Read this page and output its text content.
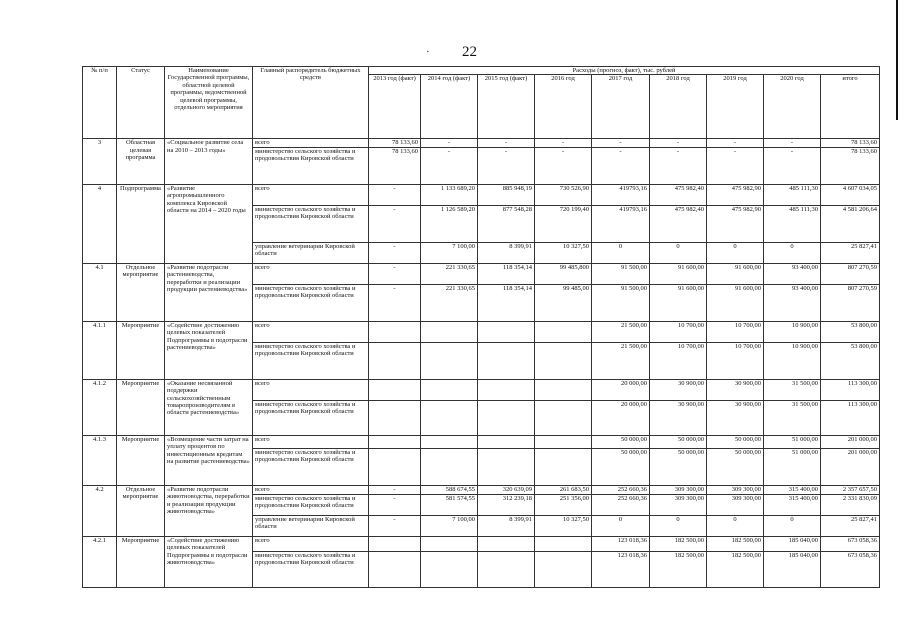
· 22
№ п/п	Статус	Наименование Государственной программы, областной целевой программы, ведомственной целевой программы, отдельного мероприятия	Главный распорядитель бюджетных средств	Расходы (прогноз, факт), тыс. рублей								
				2013 год (факт)	2014 год (факт)	2015 год (факт)	2016 год	2017 год	2018 год	2019 год	2020 год	итого
3	Областная целевая программа	«Социальное развитие села на 2010 – 2013 годы»	всего	78 133,60	-	-	-	-	-	-	-	78 133,60
			министерство сельского хозяйства и продовольствия Кировской области	78 133,60	-	-	-	-	-	-	-	78 133,60
4	Подпрограмма	«Развитие агропромышленного комплекса Кировской области на 2014 – 2020 годы	всего	-	1 133 689,20	885 948,19	730 526,90	419793,16	475 982,40	475 982,90	485 111,30	4 607 034,05
			министерство сельского хозяйства и продовольствия Кировской области	-	1 126 589,20	877 548,28	720 199,40	419793,16	475 982,40	475 982,90	485 111,30	4 581 206,64
			управление ветеринарии Кировской области	-	7 100,00	8 399,91	10 327,50	0	0	0	0	25 827,41
4.1	Отдельное мероприятие	«Развитие подотрасли растениеводства, переработки и реализации продукции растениеводства»	всего	-	221 330,65	118 354,14	99 485,800	91 500,00	91 600,00	91 600,00	93 400,00	807 270,59
			министерство сельского хозяйства и продовольствия Кировской области	-	221 330,65	118 354,14	99 485,00	91 500,00	91 600,00	91 600,00	93 400,00	807 270,59
4.1.1	Мероприятие	«Содействие достижению целевых показателей Подпрограммы в подотрасли растениеводства»	всего					21 500,00	10 700,00	10 700,00	10 900,00	53 800,00
			министерство сельского хозяйства и продовольствия Кировской области					21 500,00	10 700,00	10 700,00	10 900,00	53 800,00
4.1.2	Мероприятие	«Оказание несвязанной поддержки сельскохозяйственным товаропроизводителям в области растениеводства»	всего					20 000,00	30 900,00	30 900,00	31 500,00	113 300,00
			министерство сельского хозяйства и продовольствия Кировской области					20 000,00	30 900,00	30 900,00	31 500,00	113 300,00
4.1.3	Мероприятие	«Возмещение части затрат на уплату процентов по инвестиционным кредитам на развитие растениеводства»	всего					50 000,00	50 000,00	50 000,00	51 000,00	201 000,00
			министерство сельского хозяйства и продовольствия Кировской области					50 000,00	50 000,00	50 000,00	51 000,00	201 000,00
4.2	Отдельное мероприятие	«Развитие подотрасли животноводства, переработки и реализации продукции животноводства»	всего	-	588 674,55	320 639,09	261 683,50	252 660,36	309 300,00	309 300,00	315 400,00	2 357 657,50
			министерство сельского хозяйства и продовольствия Кировской области	-	581 574,55	312 239,18	251 356,00	252 660,36	309 300,00	309 300,00	315 400,00	2 331 830,09
			управление ветеринарии Кировской области	-	7 100,00	8 399,91	10 327,50	0	0	0	0	25 827,41
4.2.1	Мероприятие	«Содействие достижению целевых показателей Подпрограммы в подотрасли животноводства»	всего					123 018,36	182 500,00	182 500,00	185 040,00	673 058,36
			министерство сельского хозяйства и продовольствия Кировской области					123 018,36	182 500,00	182 500,00	185 040,00	673 058,36
